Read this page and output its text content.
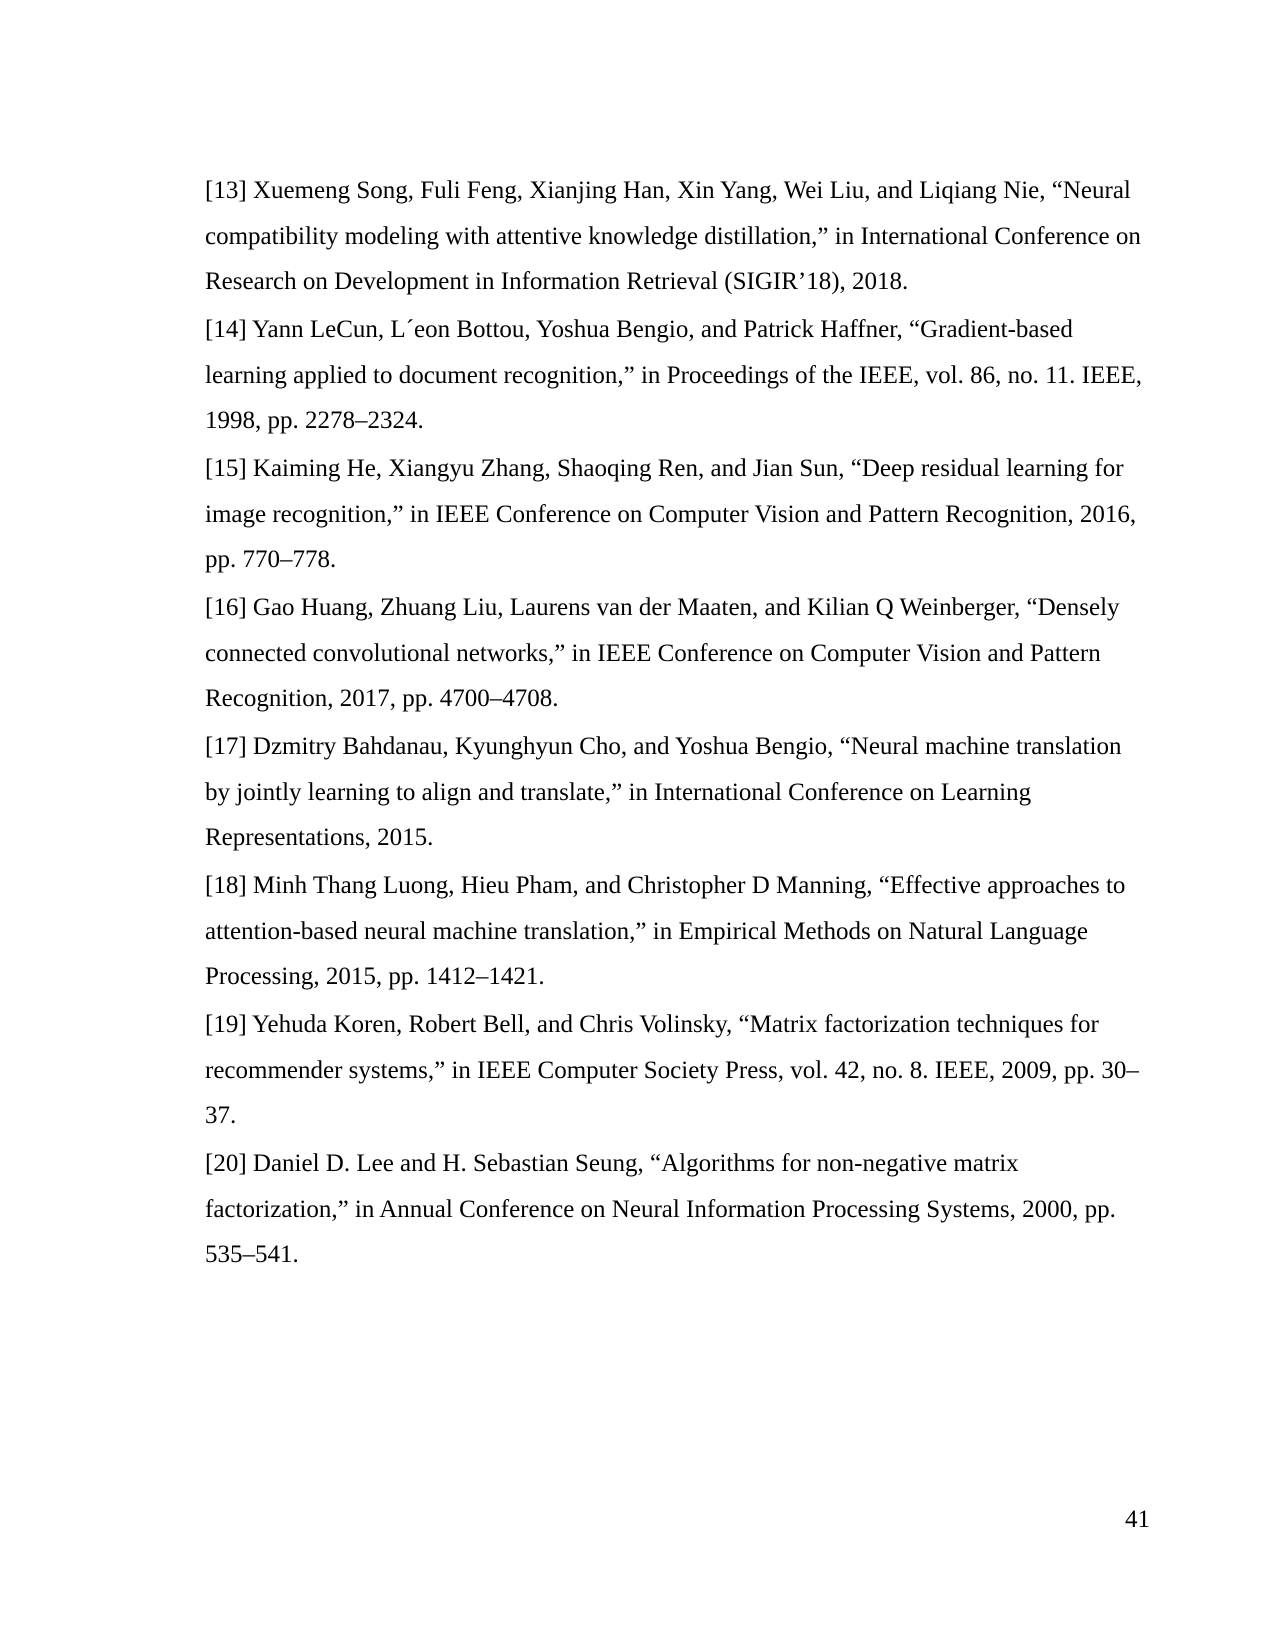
[13] Xuemeng Song, Fuli Feng, Xianjing Han, Xin Yang, Wei Liu, and Liqiang Nie, “Neural compatibility modeling with attentive knowledge distillation,” in International Conference on Research on Development in Information Retrieval (SIGIR’18), 2018.
[14] Yann LeCun, L´eon Bottou, Yoshua Bengio, and Patrick Haffner, “Gradient-based learning applied to document recognition,” in Proceedings of the IEEE, vol. 86, no. 11. IEEE, 1998, pp. 2278–2324.
[15] Kaiming He, Xiangyu Zhang, Shaoqing Ren, and Jian Sun, “Deep residual learning for image recognition,” in IEEE Conference on Computer Vision and Pattern Recognition, 2016, pp. 770–778.
[16] Gao Huang, Zhuang Liu, Laurens van der Maaten, and Kilian Q Weinberger, “Densely connected convolutional networks,” in IEEE Conference on Computer Vision and Pattern Recognition, 2017, pp. 4700–4708.
[17] Dzmitry Bahdanau, Kyunghyun Cho, and Yoshua Bengio, “Neural machine translation by jointly learning to align and translate,” in International Conference on Learning Representations, 2015.
[18] Minh Thang Luong, Hieu Pham, and Christopher D Manning, “Effective approaches to attention-based neural machine translation,” in Empirical Methods on Natural Language Processing, 2015, pp. 1412–1421.
[19] Yehuda Koren, Robert Bell, and Chris Volinsky, “Matrix factorization techniques for recommender systems,” in IEEE Computer Society Press, vol. 42, no. 8. IEEE, 2009, pp. 30–37.
[20] Daniel D. Lee and H. Sebastian Seung, “Algorithms for non-negative matrix factorization,” in Annual Conference on Neural Information Processing Systems, 2000, pp. 535–541.
41
